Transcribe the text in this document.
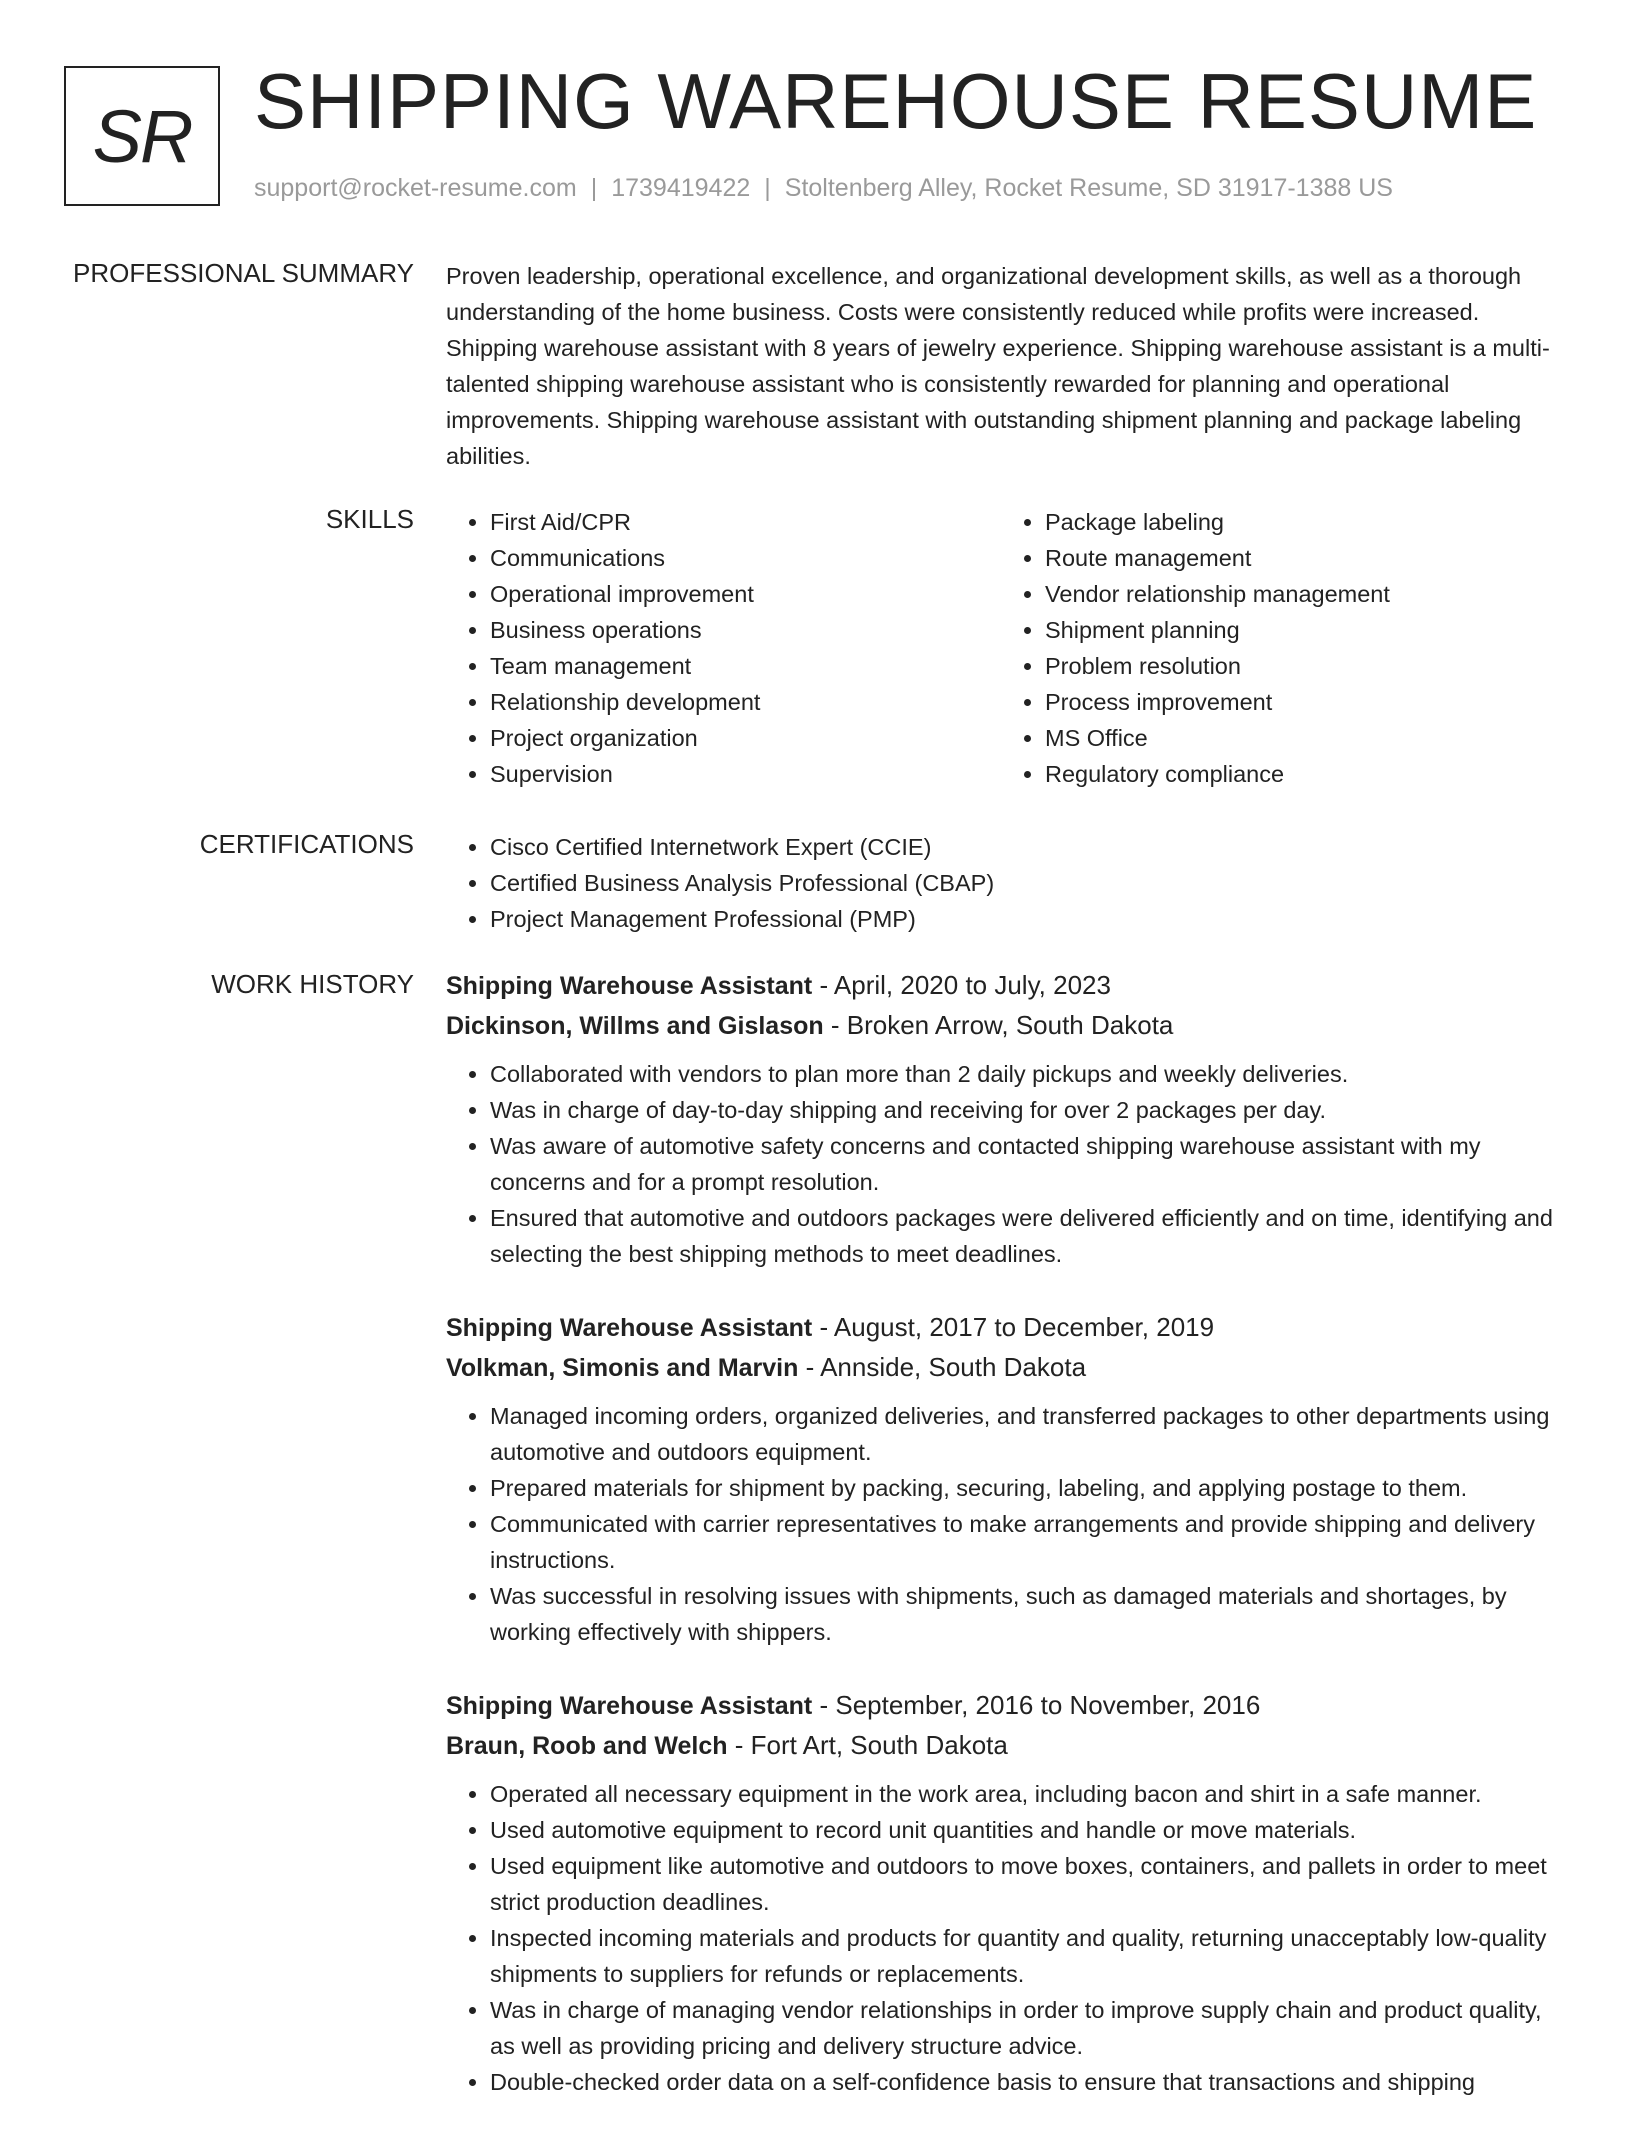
SR SHIPPING WAREHOUSE RESUME
support@rocket-resume.com | 1739419422 | Stoltenberg Alley, Rocket Resume, SD 31917-1388 US
PROFESSIONAL SUMMARY Proven leadership, operational excellence, and organizational development skills, as well as a thorough understanding of the home business. Costs were consistently reduced while profits were increased. Shipping warehouse assistant with 8 years of jewelry experience. Shipping warehouse assistant is a multi-talented shipping warehouse assistant who is consistently rewarded for planning and operational improvements. Shipping warehouse assistant with outstanding shipment planning and package labeling abilities.

SKILLS	• First Aid/CPR
• Communications
• Operational improvement
• Business operations
• Team management
• Relationship development
• Project organization
• Supervision
• Package labeling
• Route management
• Vendor relationship management
• Shipment planning
• Problem resolution
• Process improvement
• MS Office
• Regulatory compliance
CERTIFICATIONS	• Cisco Certified Internetwork Expert (CCIE)
• Certified Business Analysis Professional (CBAP)
• Project Management Professional (PMP)
WORK HISTORY Shipping Warehouse Assistant - April, 2020 to July, 2023
Dickinson, Willms and Gislason - Broken Arrow, South Dakota
• Collaborated with vendors to plan more than 2 daily pickups and weekly deliveries.
• Was in charge of day-to-day shipping and receiving for over 2 packages per day.
• Was aware of automotive safety concerns and contacted shipping warehouse assistant with my concerns and for a prompt resolution.
• Ensured that automotive and outdoors packages were delivered efficiently and on time, identifying and selecting the best shipping methods to meet deadlines.
Shipping Warehouse Assistant - August, 2017 to December, 2019
Volkman, Simonis and Marvin - Annside, South Dakota
• Managed incoming orders, organized deliveries, and transferred packages to other departments using automotive and outdoors equipment.
• Prepared materials for shipment by packing, securing, labeling, and applying postage to them.
• Communicated with carrier representatives to make arrangements and provide shipping and delivery instructions.
• Was successful in resolving issues with shipments, such as damaged materials and shortages, by working effectively with shippers.
Shipping Warehouse Assistant - September, 2016 to November, 2016
Braun, Roob and Welch - Fort Art, South Dakota
• Operated all necessary equipment in the work area, including bacon and shirt in a safe manner.
• Used automotive equipment to record unit quantities and handle or move materials.
• Used equipment like automotive and outdoors to move boxes, containers, and pallets in order to meet strict production deadlines.
• Inspected incoming materials and products for quantity and quality, returning unacceptably low-quality shipments to suppliers for refunds or replacements.
• Was in charge of managing vendor relationships in order to improve supply chain and product quality, as well as providing pricing and delivery structure advice.
• Double-checked order data on a self-confidence basis to ensure that transactions and shipping
